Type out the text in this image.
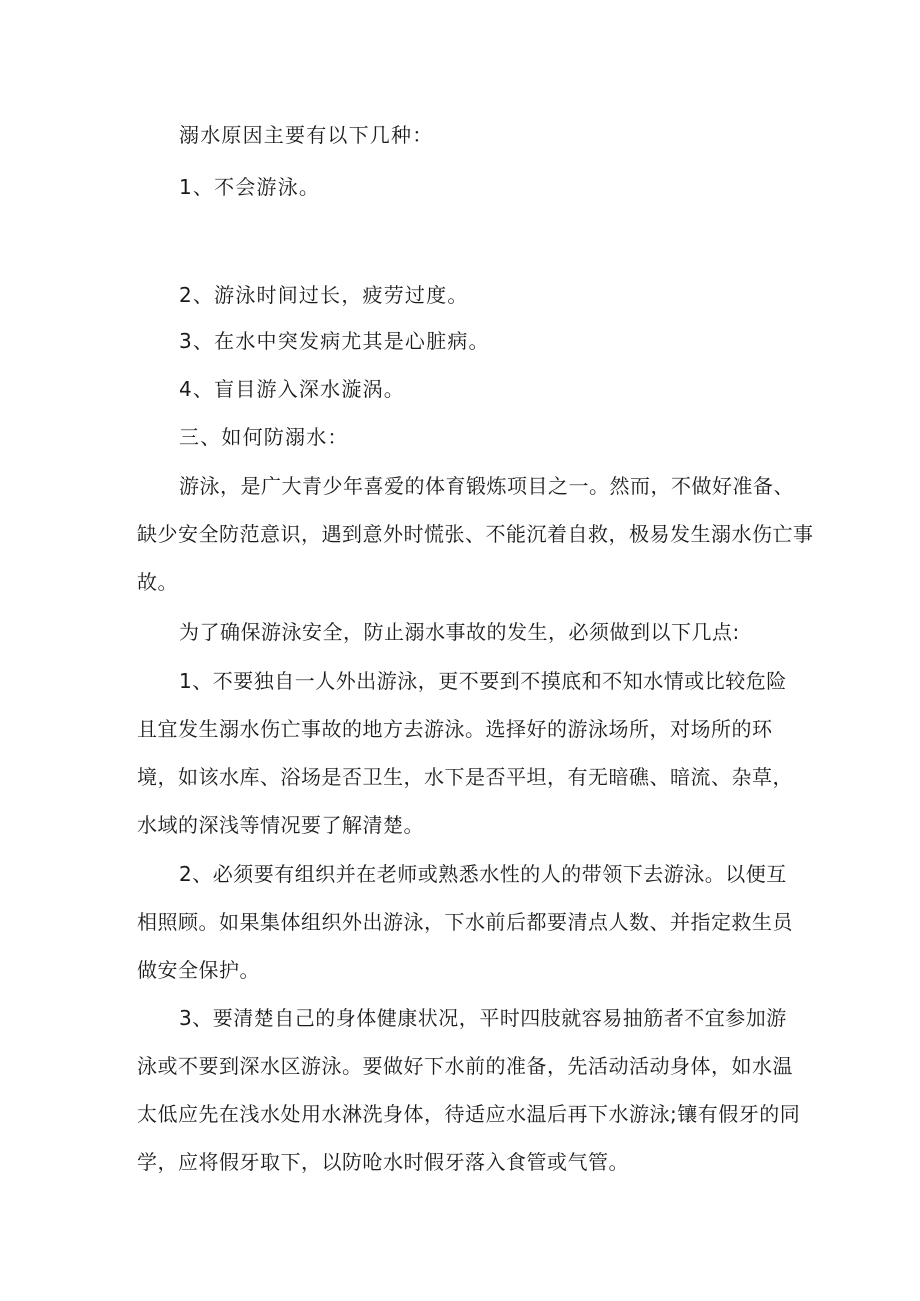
溺水原因主要有以下几种：
1、不会游泳。
2、游泳时间过长，疲劳过度。
3、在水中突发病尤其是心脏病。
4、盲目游入深水漩涡。
三、如何防溺水：
游泳，是广大青少年喜爱的体育锻炼项目之一。然而，不做好准备、
缺少安全防范意识，遇到意外时慌张、不能沉着自救，极易发生溺水伤亡事
故。
为了确保游泳安全，防止溺水事故的发生，必须做到以下几点:
1、不要独自一人外出游泳，更不要到不摸底和不知水情或比较危险
且宜发生溺水伤亡事故的地方去游泳。选择好的游泳场所，对场所的环
境，如该水库、浴场是否卫生，水下是否平坦，有无暗礁、暗流、杂草，
水域的深浅等情况要了解清楚。
2、必须要有组织并在老师或熟悉水性的人的带领下去游泳。以便互
相照顾。如果集体组织外出游泳，下水前后都要清点人数、并指定救生员
做安全保护。
3、要清楚自己的身体健康状况，平时四肢就容易抽筋者不宜参加游
泳或不要到深水区游泳。要做好下水前的准备，先活动活动身体，如水温
太低应先在浅水处用水淋洗身体，待适应水温后再下水游泳;镶有假牙的同
学，应将假牙取下，以防呛水时假牙落入食管或气管。
